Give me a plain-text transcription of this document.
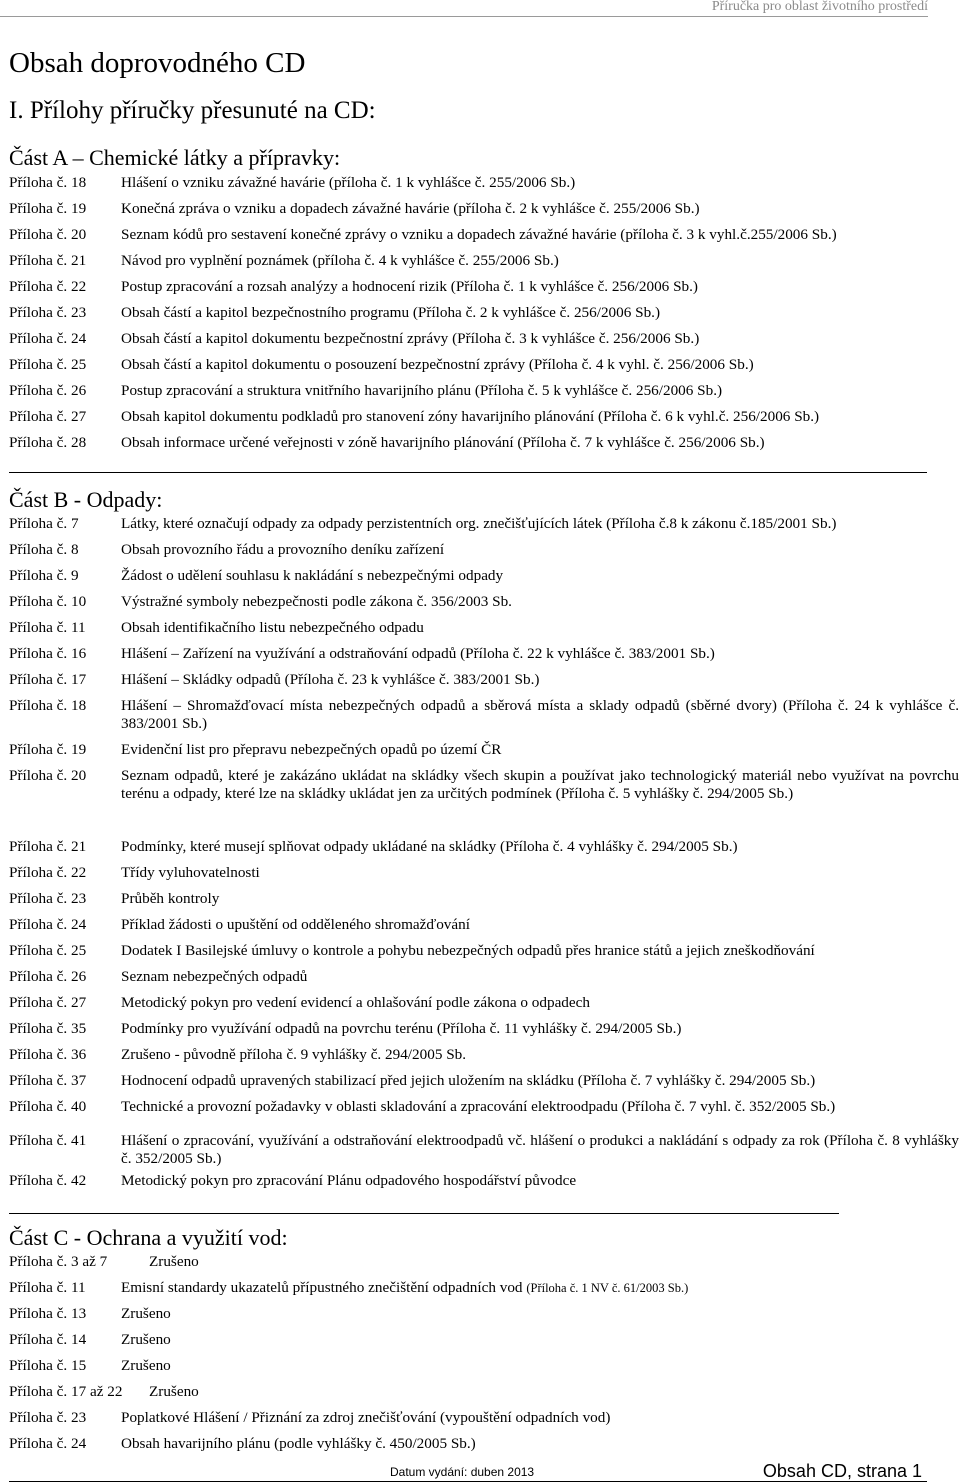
Příručka pro oblast životního prostředí
Obsah doprovodného CD
I. Přílohy příručky přesunuté na CD:
Část A – Chemické látky a přípravky:
Příloha č. 18 Hlášení o vzniku závažné havárie (příloha č. 1 k vyhlášce č. 255/2006 Sb.)
Příloha č. 19 Konečná zpráva o vzniku a dopadech závažné havárie (příloha č. 2 k vyhlášce č. 255/2006 Sb.)
Příloha č. 20 Seznam kódů pro sestavení konečné zprávy o vzniku a dopadech závažné havárie (příloha č. 3 k vyhl.č.255/2006 Sb.)
Příloha č. 21 Návod pro vyplnění poznámek (příloha č. 4 k vyhlášce č. 255/2006 Sb.)
Příloha č. 22 Postup zpracování a rozsah analýzy a hodnocení rizik (Příloha č. 1 k vyhlášce č. 256/2006 Sb.)
Příloha č. 23 Obsah částí a kapitol bezpečnostního programu (Příloha č. 2 k vyhlášce č. 256/2006 Sb.)
Příloha č. 24 Obsah částí a kapitol dokumentu bezpečnostní zprávy (Příloha č. 3 k vyhlášce č. 256/2006 Sb.)
Příloha č. 25 Obsah částí a kapitol dokumentu o posouzení bezpečnostní zprávy (Příloha č. 4 k vyhl. č. 256/2006 Sb.)
Příloha č. 26 Postup zpracování a struktura vnitřního havarijního plánu (Příloha č. 5 k vyhlášce č. 256/2006 Sb.)
Příloha č. 27 Obsah kapitol dokumentu podkladů pro stanovení zóny havarijního plánování (Příloha č. 6 k vyhl.č. 256/2006 Sb.)
Příloha č. 28 Obsah informace určené veřejnosti v zóně havarijního plánování (Příloha č. 7 k vyhlášce č. 256/2006 Sb.)
Část B - Odpady:
Příloha č. 7	Látky, které označují odpady za odpady perzistentních org. znečišťujících látek (Příloha č.8 k zákonu č.185/2001 Sb.)
Příloha č. 8	Obsah provozního řádu a provozního deníku zařízení
Příloha č. 9	Žádost o udělení souhlasu k nakládání s nebezpečnými odpady
Příloha č. 10 Výstražné symboly nebezpečnosti podle zákona č. 356/2003 Sb.
Příloha č. 11 Obsah identifikačního listu nebezpečného odpadu
Příloha č. 16 Hlášení – Zařízení na využívání a odstraňování odpadů (Příloha č. 22 k vyhlášce č. 383/2001 Sb.)
Příloha č. 17 Hlášení – Skládky odpadů (Příloha č. 23 k vyhlášce č. 383/2001 Sb.)
Příloha č. 18 Hlášení – Shromažďovací místa nebezpečných odpadů a sběrová místa a sklady odpadů (sběrné dvory) (Příloha č. 24 k vyhlášce č. 383/2001 Sb.)
Příloha č. 19 Evidenční list pro přepravu nebezpečných opadů po území ČR
Příloha č. 20 Seznam odpadů, které je zakázáno ukládat na skládky všech skupin a používat jako technologický materiál nebo využívat na povrchu terénu a odpady, které lze na skládky ukládat jen za určitých podmínek (Příloha č. 5 vyhlášky č. 294/2005 Sb.)
Příloha č. 21 Podmínky, které musejí splňovat odpady ukládané na skládky (Příloha č. 4 vyhlášky č. 294/2005 Sb.)
Příloha č. 22 Třídy vyluhovatelnosti
Příloha č. 23 Průběh kontroly
Příloha č. 24 Příklad žádosti o upuštění od odděleného shromažďování
Příloha č. 25 Dodatek I Basilejské úmluvy o kontrole a pohybu nebezpečných odpadů přes hranice států a jejich zneškodňování
Příloha č. 26 Seznam nebezpečných odpadů
Příloha č. 27 Metodický pokyn pro vedení evidencí a ohlašování podle zákona o odpadech
Příloha č. 35 Podmínky pro využívání odpadů na povrchu terénu (Příloha č. 11 vyhlášky č. 294/2005 Sb.)
Příloha č. 36 Zrušeno - původně příloha č. 9 vyhlášky č. 294/2005 Sb.
Příloha č. 37 Hodnocení odpadů upravených stabilizací před jejich uložením na skládku (Příloha č. 7 vyhlášky č. 294/2005 Sb.)
Příloha č. 40 Technické a provozní požadavky v oblasti skladování a zpracování elektroodpadu (Příloha č. 7 vyhl. č. 352/2005 Sb.)
Příloha č. 41 Hlášení o zpracování, využívání a odstraňování elektroodpadů vč. hlášení o produkci a nakládání s odpady za rok (Příloha č. 8 vyhlášky č. 352/2005 Sb.)
Příloha č. 42 Metodický pokyn pro zpracování Plánu odpadového hospodářství původce
Část C - Ochrana a využití vod:
Příloha č. 3 až 7	Zrušeno
Příloha č. 11 Emisní standardy ukazatelů přípustného znečištění odpadních vod (Příloha č. 1 NV č. 61/2003 Sb.)
Příloha č. 13 Zrušeno
Příloha č. 14 Zrušeno
Příloha č. 15 Zrušeno
Příloha č. 17 až 22 Zrušeno
Příloha č. 23 Poplatkové Hlášení / Přiznání za zdroj znečišťování (vypouštění odpadních vod)
Příloha č. 24 Obsah havarijního plánu (podle vyhlášky č. 450/2005 Sb.)
Datum vydání: duben 2013	Obsah CD, strana 1
